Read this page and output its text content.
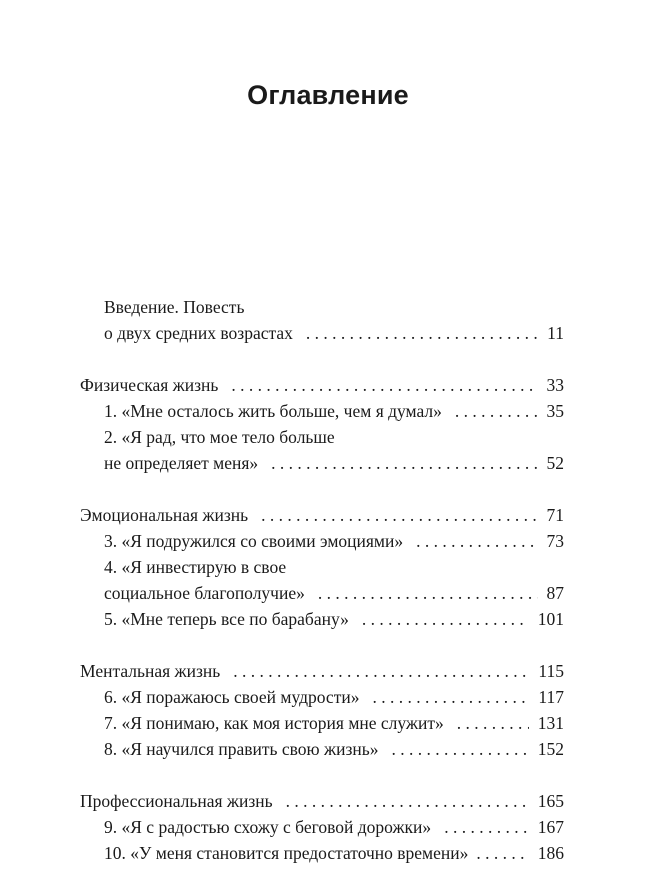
Оглавление
Введение. Повесть
о двух средних возрастах . . .	11
Физическая жизнь . . .	33
1. «Мне осталось жить больше, чем я думал» . . .	35
2. «Я рад, что мое тело больше
не определяет меня» . . .	52
Эмоциональная жизнь . . .	71
3. «Я подружился со своими эмоциями» . . .	73
4. «Я инвестирую в свое
социальное благополучие» . . .	87
5. «Мне теперь все по барабану» . . .	101
Ментальная жизнь . . .	115
6. «Я поражаюсь своей мудрости» . . .	117
7. «Я понимаю, как моя история мне служит» . . .	131
8. «Я научился править свою жизнь» . . .	152
Профессиональная жизнь . . .	165
9. «Я с радостью схожу с беговой дорожки» . . .	167
10. «У меня становится предостаточно времени» . . .	186
